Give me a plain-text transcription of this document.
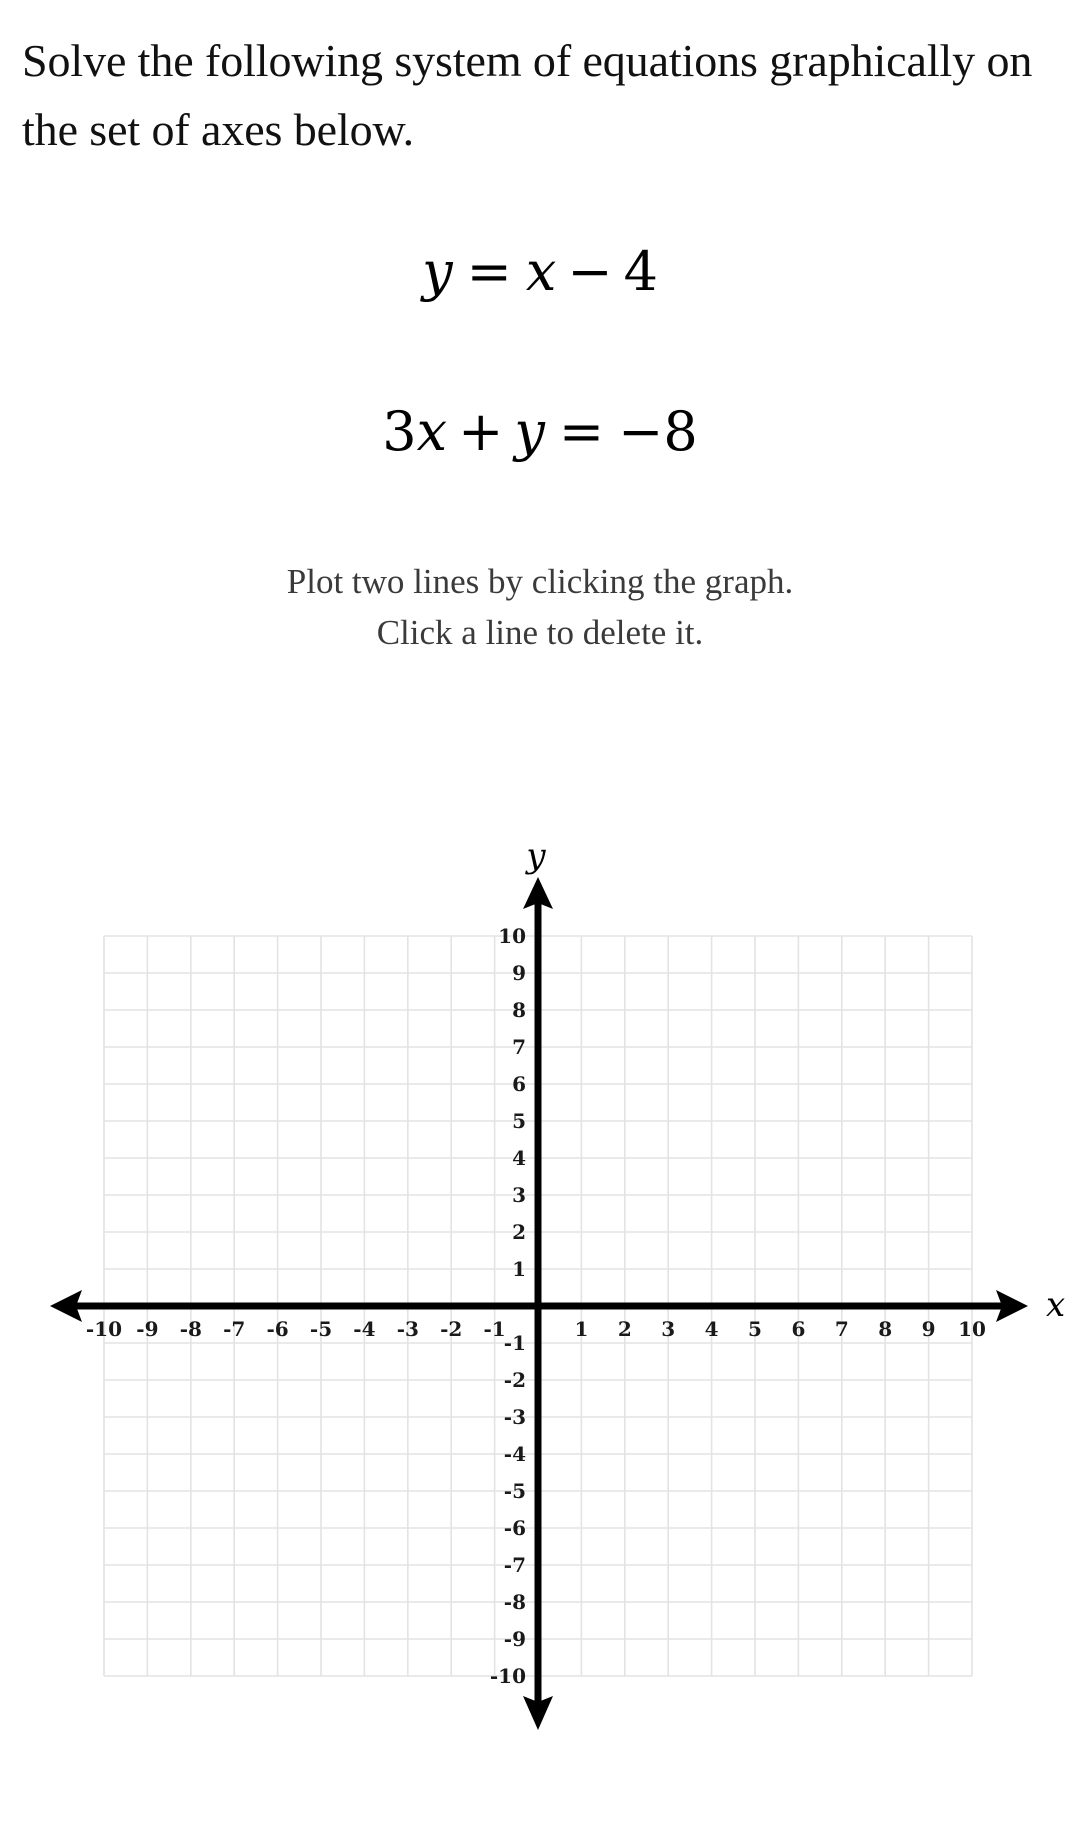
Solve the following system of equations graphically on the set of axes below.
y = x − 4
3x + y = −8
Plot two lines by clicking the graph.
Click a line to delete it.
-10 -9 -8 -7 -6 -5 -4 -3 -2 -1	1 2 3 4 5 6 7 8 9 10
10
9
8
7
6
5
4
3
2
1
-1
-2
-3
-4
-5
-6
-7
-8
-9
-10
x
y
